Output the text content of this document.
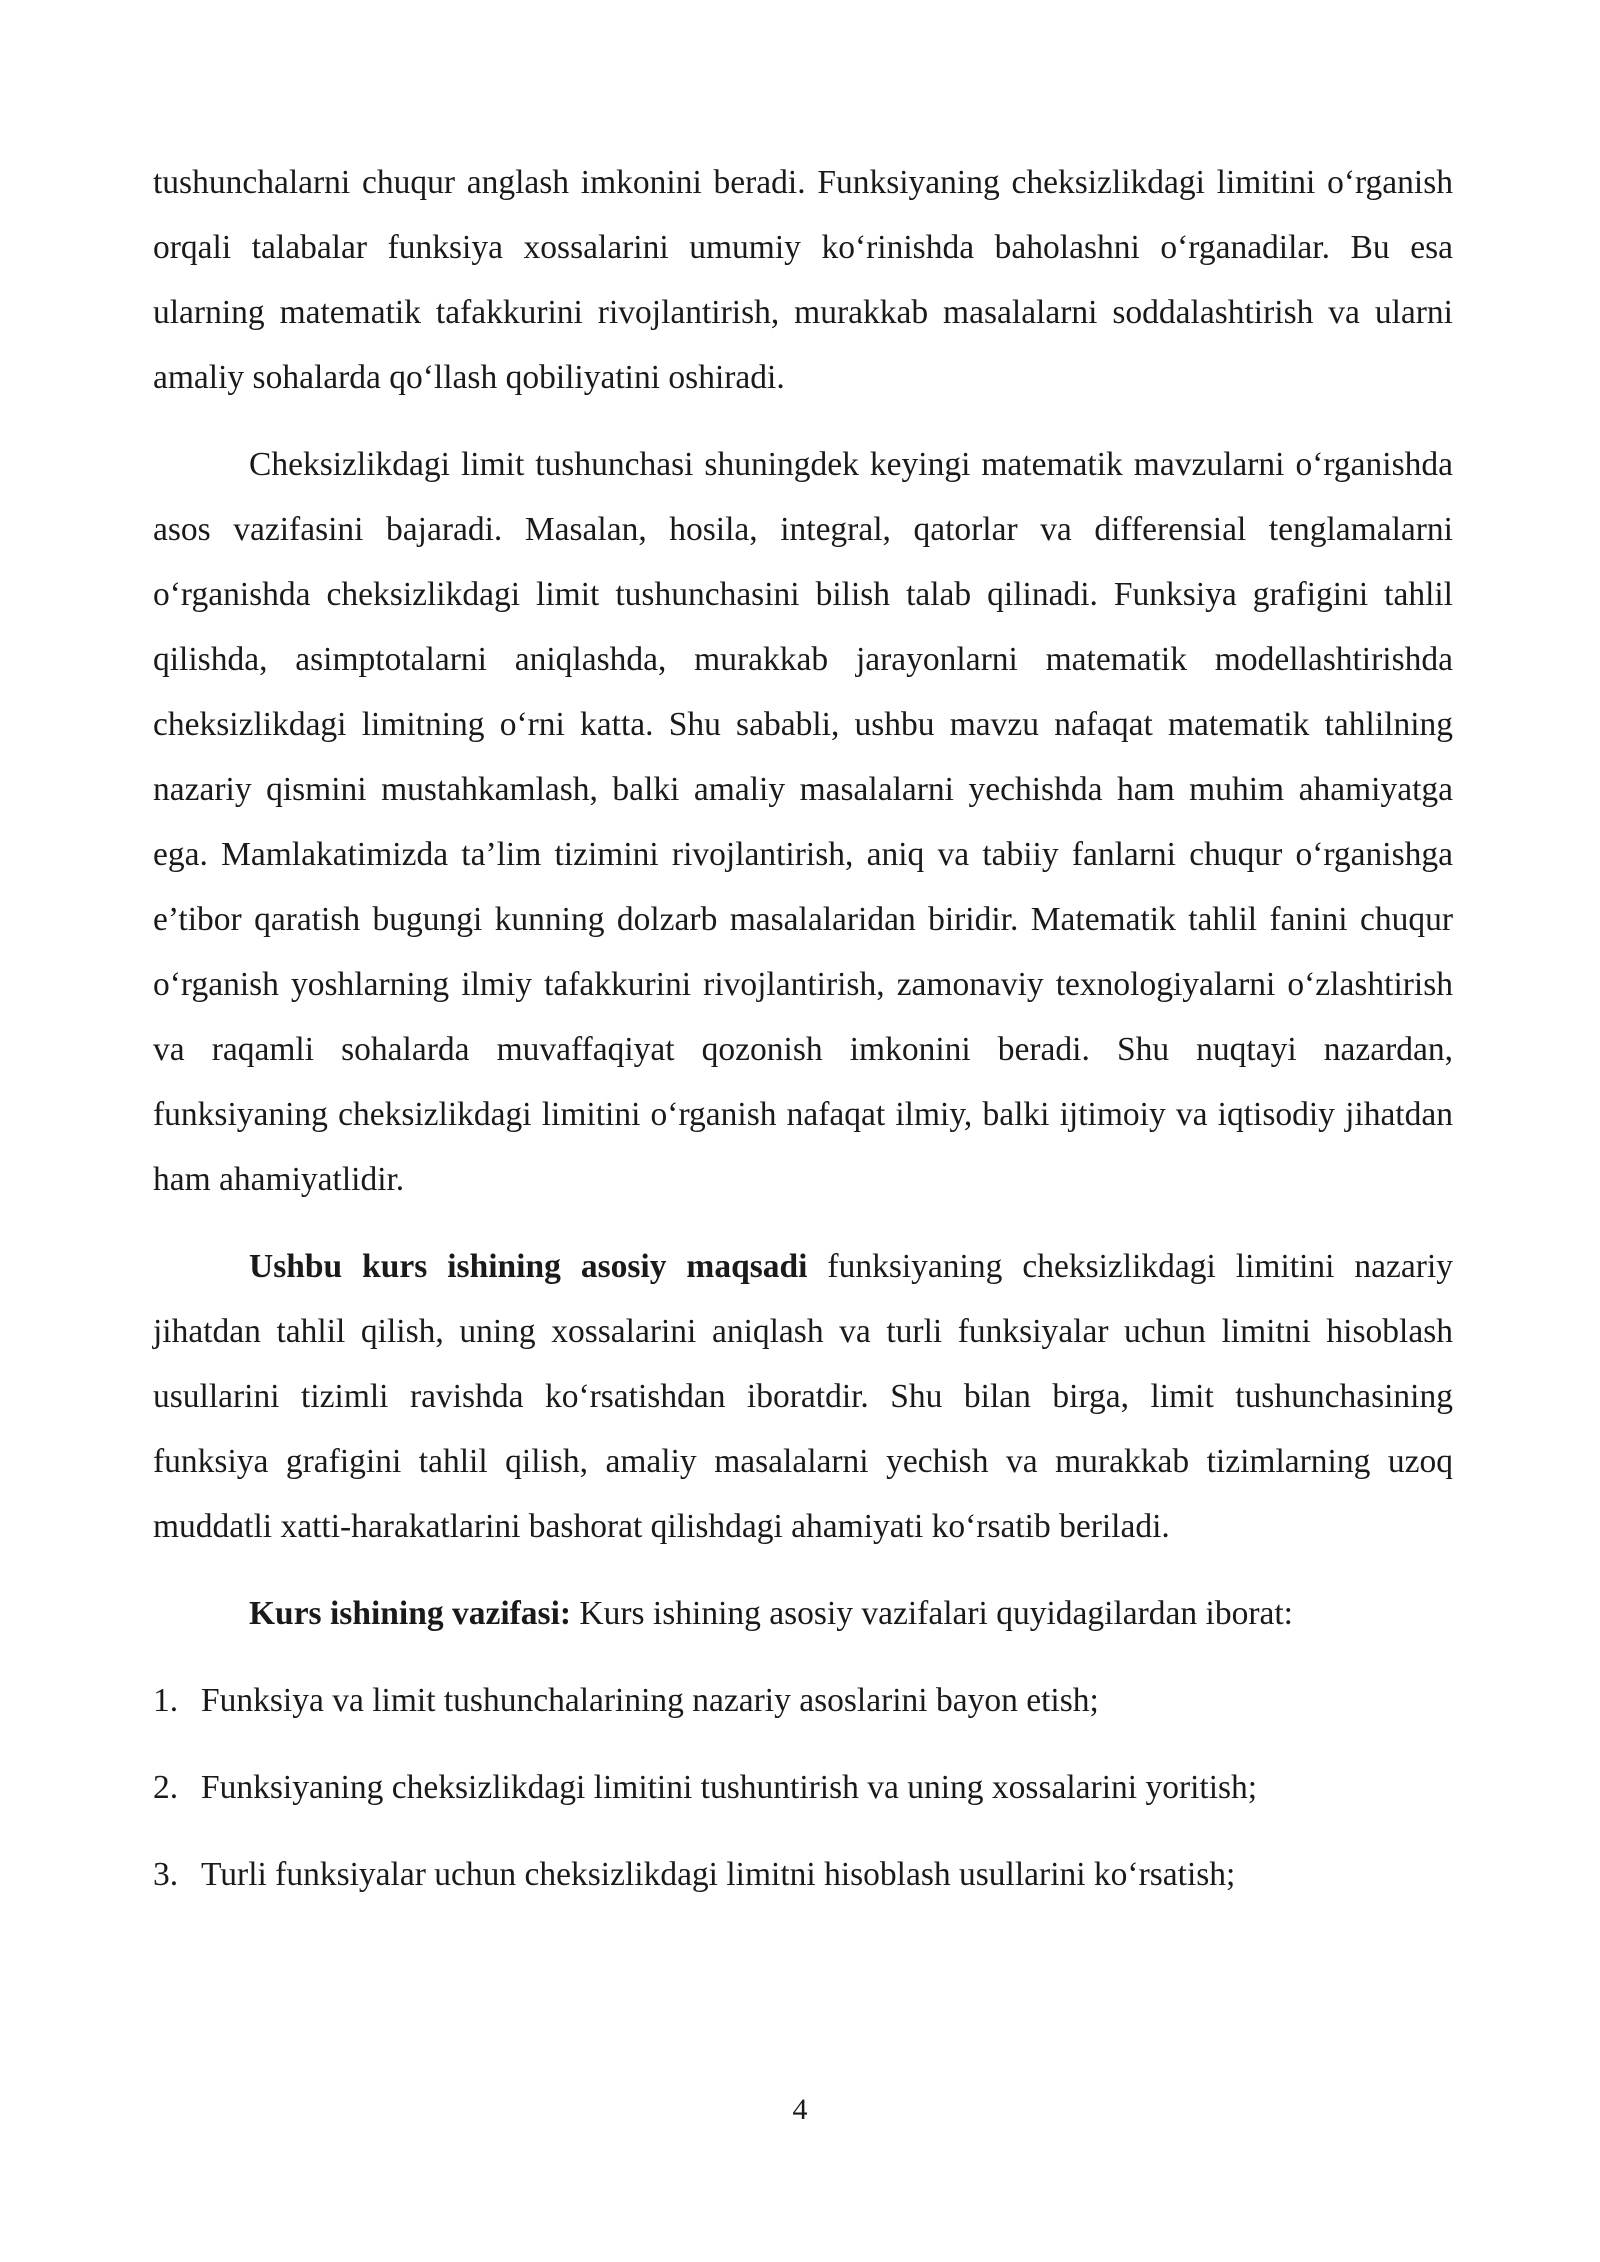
tushunchalarni chuqur anglash imkonini beradi. Funksiyaning cheksizlikdagi limitini o‘rganish orqali talabalar funksiya xossalarini umumiy ko‘rinishda baholashni o‘rganadilar. Bu esa ularning matematik tafakkurini rivojlantirish, murakkab masalalarni soddalashtirish va ularni amaliy sohalarda qo‘llash qobiliyatini oshiradi.

Cheksizlikdagi limit tushunchasi shuningdek keyingi matematik mavzularni o‘rganishda asos vazifasini bajaradi. Masalan, hosila, integral, qatorlar va differensial tenglamalarni o‘rganishda cheksizlikdagi limit tushunchasini bilish talab qilinadi. Funksiya grafigini tahlil qilishda, asimptotalarni aniqlashda, murakkab jarayonlarni matematik modellashtirishda cheksizlikdagi limitning o‘rni katta. Shu sababli, ushbu mavzu nafaqat matematik tahlilning nazariy qismini mustahkamlash, balki amaliy masalalarni yechishda ham muhim ahamiyatga ega. Mamlakatimizda ta’lim tizimini rivojlantirish, aniq va tabiiy fanlarni chuqur o‘rganishga e’tibor qaratish bugungi kunning dolzarb masalalaridan biridir. Matematik tahlil fanini chuqur o‘rganish yoshlarning ilmiy tafakkurini rivojlantirish, zamonaviy texnologiyalarni o‘zlashtirish va raqamli sohalarda muvaffaqiyat qozonish imkonini beradi. Shu nuqtayi nazardan, funksiyaning cheksizlikdagi limitini o‘rganish nafaqat ilmiy, balki ijtimoiy va iqtisodiy jihatdan ham ahamiyatlidir.

Ushbu kurs ishining asosiy maqsadi funksiyaning cheksizlikdagi limitini nazariy jihatdan tahlil qilish, uning xossalarini aniqlash va turli funksiyalar uchun limitni hisoblash usullarini tizimli ravishda ko‘rsatishdan iboratdir. Shu bilan birga, limit tushunchasining funksiya grafigini tahlil qilish, amaliy masalalarni yechish va murakkab tizimlarning uzoq muddatli xatti-harakatlarini bashorat qilishdagi ahamiyati ko‘rsatib beriladi.

Kurs ishining vazifasi: Kurs ishining asosiy vazifalari quyidagilardan iborat:

1. Funksiya va limit tushunchalarining nazariy asoslarini bayon etish;
2. Funksiyaning cheksizlikdagi limitini tushuntirish va uning xossalarini yoritish;
3. Turli funksiyalar uchun cheksizlikdagi limitni hisoblash usullarini ko‘rsatish;
4
